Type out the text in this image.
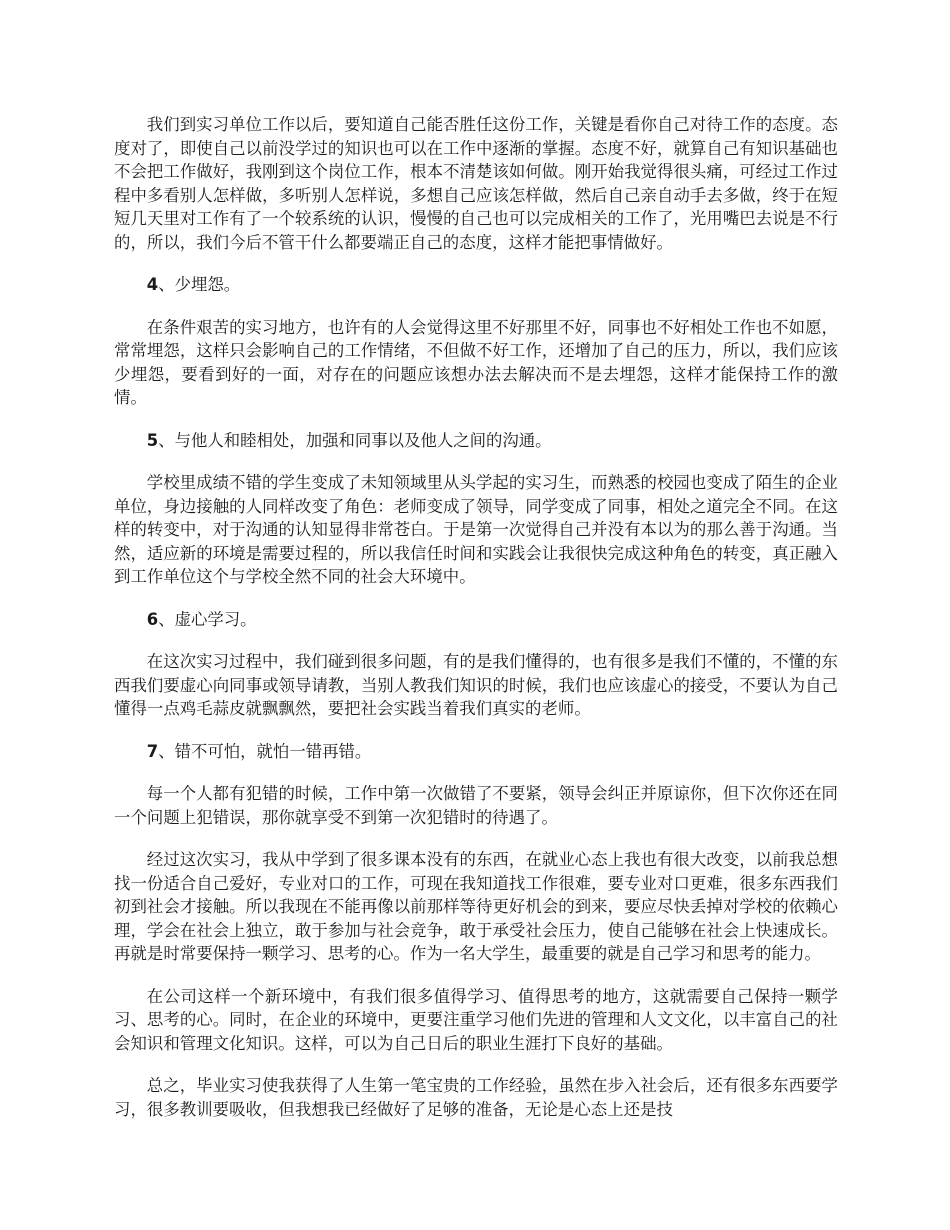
我们到实习单位工作以后，要知道自己能否胜任这份工作，关键是看你自己对待工作的态度。态度对了，即使自己以前没学过的知识也可以在工作中逐渐的掌握。态度不好，就算自己有知识基础也不会把工作做好，我刚到这个岗位工作，根本不清楚该如何做。刚开始我觉得很头痛，可经过工作过程中多看别人怎样做，多听别人怎样说，多想自己应该怎样做，然后自己亲自动手去多做，终于在短短几天里对工作有了一个较系统的认识，慢慢的自己也可以完成相关的工作了，光用嘴巴去说是不行的，所以，我们今后不管干什么都要端正自己的态度，这样才能把事情做好。

4、少埋怨。

在条件艰苦的实习地方，也许有的人会觉得这里不好那里不好，同事也不好相处工作也不如愿，常常埋怨，这样只会影响自己的工作情绪，不但做不好工作，还增加了自己的压力，所以，我们应该少埋怨，要看到好的一面，对存在的问题应该想办法去解决而不是去埋怨，这样才能保持工作的激情。

5、与他人和睦相处，加强和同事以及他人之间的沟通。

学校里成绩不错的学生变成了未知领域里从头学起的实习生，而熟悉的校园也变成了陌生的企业单位，身边接触的人同样改变了角色：老师变成了领导，同学变成了同事，相处之道完全不同。在这样的转变中，对于沟通的认知显得非常苍白。于是第一次觉得自己并没有本以为的那么善于沟通。当然，适应新的环境是需要过程的，所以我信任时间和实践会让我很快完成这种角色的转变，真正融入到工作单位这个与学校全然不同的社会大环境中。

6、虚心学习。

在这次实习过程中，我们碰到很多问题，有的是我们懂得的，也有很多是我们不懂的，不懂的东西我们要虚心向同事或领导请教，当别人教我们知识的时候，我们也应该虚心的接受，不要认为自己懂得一点鸡毛蒜皮就飘飘然，要把社会实践当着我们真实的老师。

7、错不可怕，就怕一错再错。

每一个人都有犯错的时候，工作中第一次做错了不要紧，领导会纠正并原谅你，但下次你还在同一个问题上犯错误，那你就享受不到第一次犯错时的待遇了。

经过这次实习，我从中学到了很多课本没有的东西，在就业心态上我也有很大改变，以前我总想找一份适合自己爱好，专业对口的工作，可现在我知道找工作很难，要专业对口更难，很多东西我们初到社会才接触。所以我现在不能再像以前那样等待更好机会的到来，要应尽快丢掉对学校的依赖心理，学会在社会上独立，敢于参加与社会竞争，敢于承受社会压力，使自己能够在社会上快速成长。再就是时常要保持一颗学习、思考的心。作为一名大学生，最重要的就是自己学习和思考的能力。

在公司这样一个新环境中，有我们很多值得学习、值得思考的地方，这就需要自己保持一颗学习、思考的心。同时，在企业的环境中，更要注重学习他们先进的管理和人文文化，以丰富自己的社会知识和管理文化知识。这样，可以为自己日后的职业生涯打下良好的基础。

总之，毕业实习使我获得了人生第一笔宝贵的工作经验，虽然在步入社会后，还有很多东西要学习，很多教训要吸收，但我想我已经做好了足够的准备，无论是心态上还是技
